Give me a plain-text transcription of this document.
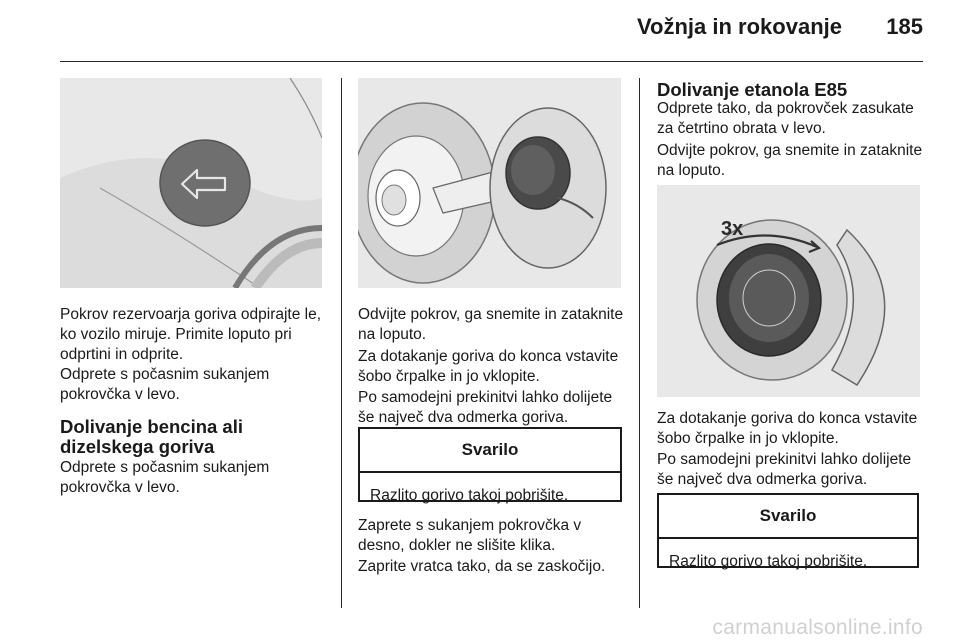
Vožnja in rokovanje 185

Pokrov rezervoarja goriva odpirajte le, ko vozilo miruje. Primite loputo pri odprtini in odprite.

Odprete s počasnim sukanjem pokrovčka v levo.

Dolivanje bencina ali dizelskega goriva

Odprete s počasnim sukanjem pokrovčka v levo.

Odvijte pokrov, ga snemite in zataknite na loputo.

Za dotakanje goriva do konca vstavite šobo črpalke in jo vklopite.

Po samodejni prekinitvi lahko dolijete še največ dva odmerka goriva.

Svarilo
Razlito gorivo takoj pobrišite.

Zaprete s sukanjem pokrovčka v desno, dokler ne slišite klika.

Zaprite vratca tako, da se zaskočijo.

Dolivanje etanola E85

Odprete tako, da pokrovček zasukate za četrtino obrata v levo.

Odvijte pokrov, ga snemite in zataknite na loputo.

3x

Za dotakanje goriva do konca vstavite šobo črpalke in jo vklopite.

Po samodejni prekinitvi lahko dolijete še največ dva odmerka goriva.

Svarilo
Razlito gorivo takoj pobrišite.
carmanualsonline.info
